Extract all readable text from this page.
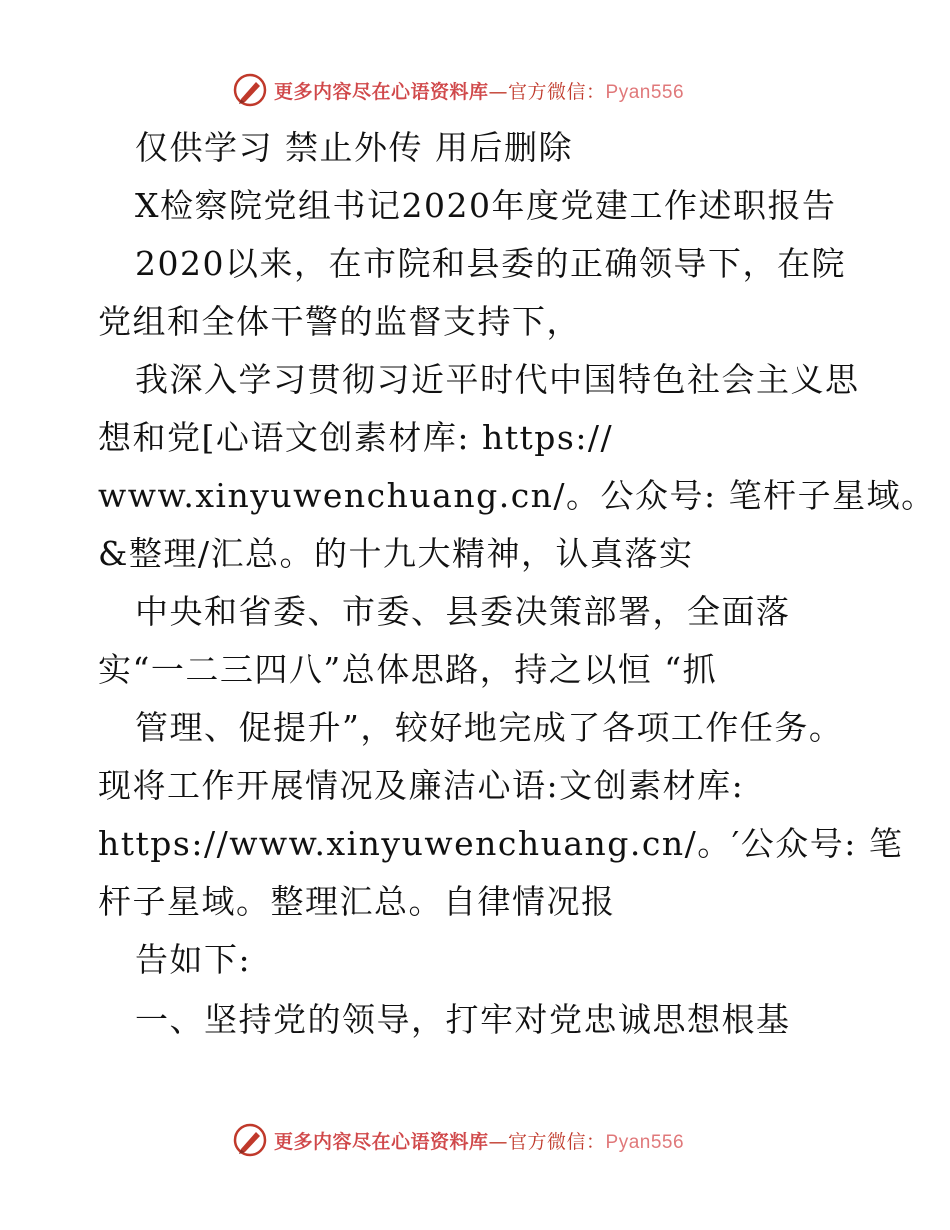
更多内容尽在心语资料库—官方微信：Pyan556
仅供学习 禁止外传 用后删除
X检察院党组书记2020年度党建工作述职报告
2020以来，在市院和县委的正确领导下，在院
党组和全体干警的监督支持下，
我深入学习贯彻习近平时代中国特色社会主义思
想和党[心语文创素材库: https://
www.xinyuwenchuang.cn/。公众号: 笔杆子星域。
&整理/汇总。的十九大精神，认真落实
中央和省委、市委、县委决策部署，全面落
实“一二三四八”总体思路，持之以恒 “抓
管理、促提升”，较好地完成了各项工作任务。
现将工作开展情况及廉洁心语:文创素材库:
https://www.xinyuwenchuang.cn/。′公众号: 笔
杆子星域。整理汇总。自律情况报
告如下:
一、坚持党的领导，打牢对党忠诚思想根基
更多内容尽在心语资料库—官方微信：Pyan556
